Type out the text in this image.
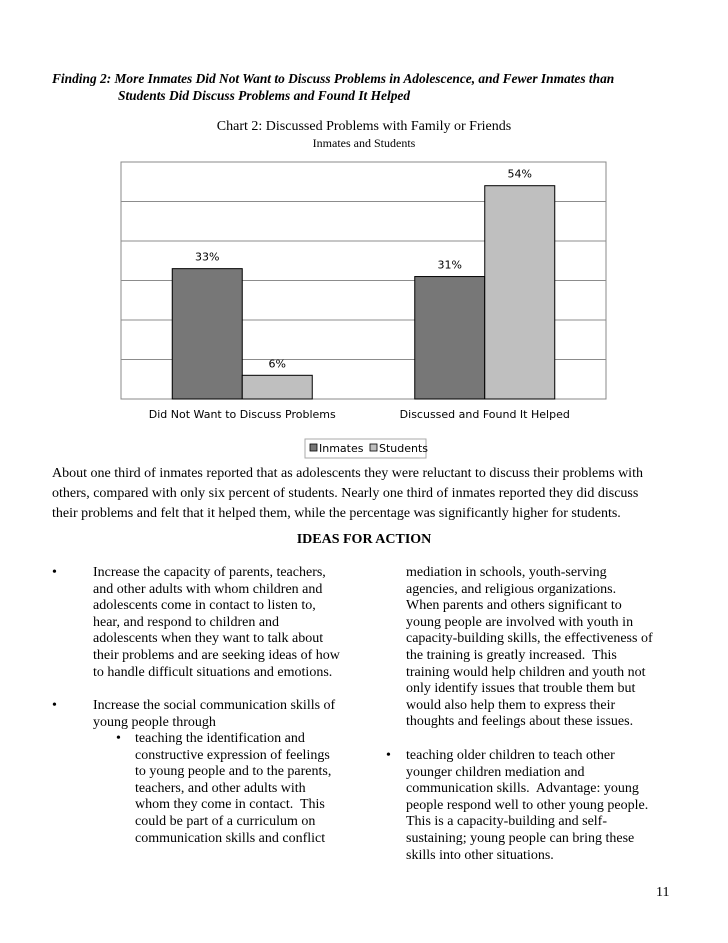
Finding 2: More Inmates Did Not Want to Discuss Problems in Adolescence, and Fewer Inmates than
Students Did Discuss Problems and Found It Helped
Chart 2: Discussed Problems with Family or Friends
Inmates and Students
33%
6%
31%
54%
Did Not Want to Discuss Problems	Discussed and Found It Helped
Inmates Students
About one third of inmates reported that as adolescents they were reluctant to discuss their problems with others, compared with only six percent of students. Nearly one third of inmates reported they did discuss their problems and felt that it helped them, while the percentage was significantly higher for students.
IDEAS FOR ACTION
•	Increase the capacity of parents, teachers,
and other adults with whom children and
adolescents come in contact to listen to,
hear, and respond to children and
adolescents when they want to talk about
their problems and are seeking ideas of how
to handle difficult situations and emotions.
•	Increase the social communication skills of
young people through
• teaching the identification and
constructive expression of feelings
to young people and to the parents,
teachers, and other adults with
whom they come in contact.  This
could be part of a curriculum on
communication skills and conflict
mediation in schools, youth-serving
agencies, and religious organizations.
When parents and others significant to
young people are involved with youth in
capacity-building skills, the effectiveness of
the training is greatly increased.  This
training would help children and youth not
only identify issues that trouble them but
would also help them to express their
thoughts and feelings about these issues.
• teaching older children to teach other
younger children mediation and
communication skills.  Advantage: young
people respond well to other young people.
This is a capacity-building and self-
sustaining; young people can bring these
skills into other situations.
11
